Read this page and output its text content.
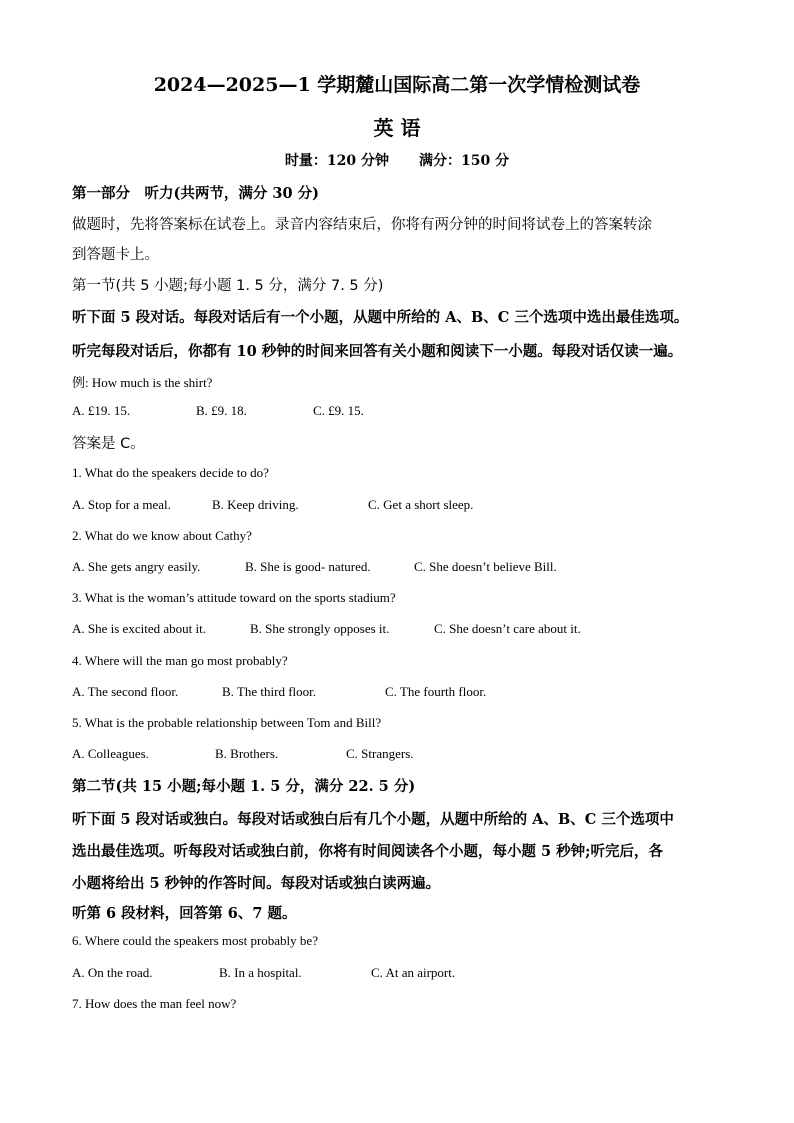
2024—2025—1 学期麓山国际高二第一次学情检测试卷
英 语
时量：120 分钟 满分：150 分
第一部分　听力(共两节，满分 30 分)
做题时，先将答案标在试卷上。录音内容结束后，你将有两分钟的时间将试卷上的答案转涂
到答题卡上。
第一节(共 5 小题;每小题 1. 5 分，满分 7. 5 分)
听下面 5 段对话。每段对话后有一个小题，从题中所给的 A、B、C 三个选项中选出最佳选项。
听完每段对话后，你都有 10 秒钟的时间来回答有关小题和阅读下一小题。每段对话仅读一遍。
例: How much is the shirt?
A. £19. 15.	B. £9. 18.	C. £9. 15.
答案是 C。
1. What do the speakers decide to do?
A. Stop for a meal.	B. Keep driving.	C. Get a short sleep.
2. What do we know about Cathy?
A. She gets angry easily.	B. She is good- natured.	C. She doesn’t believe Bill.
3. What is the woman’s attitude toward on the sports stadium?
A. She is excited about it.	B. She strongly opposes it.	C. She doesn’t care about it.
4. Where will the man go most probably?
A. The second floor.	B. The third floor.	C. The fourth floor.
5. What is the probable relationship between Tom and Bill?
A. Colleagues.	B. Brothers.	C. Strangers.
第二节(共 15 小题;每小题 1. 5 分，满分 22. 5 分)
听下面 5 段对话或独白。每段对话或独白后有几个小题，从题中所给的 A、B、C 三个选项中
选出最佳选项。听每段对话或独白前，你将有时间阅读各个小题，每小题 5 秒钟;听完后，各
小题将给出 5 秒钟的作答时间。每段对话或独白读两遍。
听第 6 段材料，回答第 6、7 题。
6. Where could the speakers most probably be?
A. On the road.	B. In a hospital.	C. At an airport.
7. How does the man feel now?
